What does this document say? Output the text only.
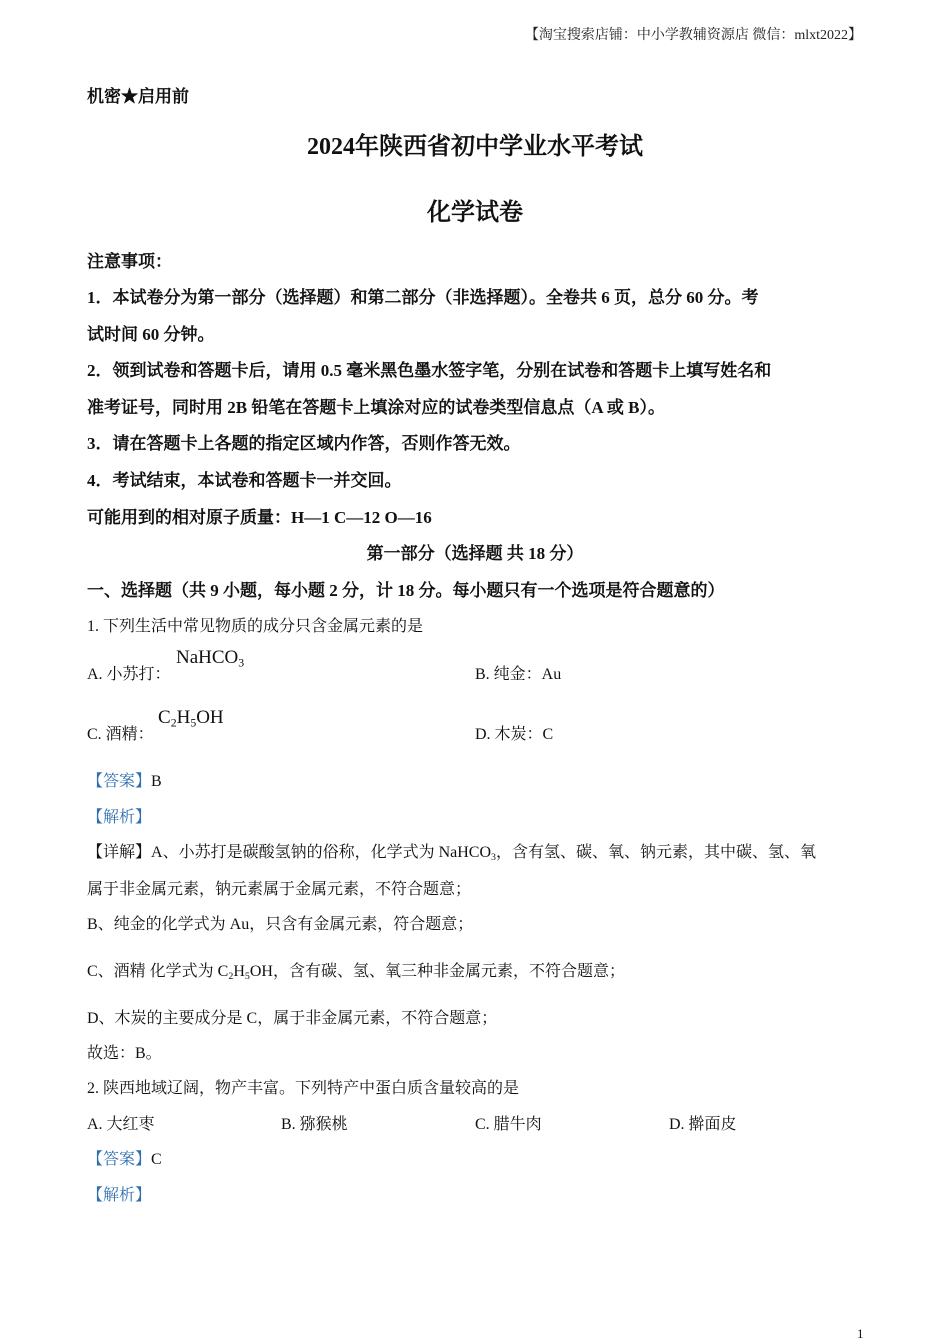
【淘宝搜索店铺：中小学教辅资源店 微信：mlxt2022】
机密★启用前
2024年陕西省初中学业水平考试
化学试卷
注意事项：
1．本试卷分为第一部分（选择题）和第二部分（非选择题）。全卷共 6 页，总分 60 分。考
试时间 60 分钟。
2．领到试卷和答题卡后，请用 0.5 毫米黑色墨水签字笔，分别在试卷和答题卡上填写姓名和
准考证号，同时用 2B 铅笔在答题卡上填涂对应的试卷类型信息点（A 或 B）。
3．请在答题卡上各题的指定区域内作答，否则作答无效。
4．考试结束，本试卷和答题卡一并交回。
可能用到的相对原子质量：H—1 C—12 O—16
第一部分（选择题 共 18 分）
一、选择题（共 9 小题，每小题 2 分，计 18 分。每小题只有一个选项是符合题意的）
1. 下列生活中常见物质的成分只含金属元素的是
A. 小苏打：
NaHCO$_3$
B. 纯金：Au
C. 酒精：
$C_2H_5OH$
D. 木炭：C
【答案】B
【解析】
【详解】A、小苏打是碳酸氢钠的俗称，化学式为 NaHCO$_3$，含有氢、碳、氧、钠元素，其中碳、氢、氧
属于非金属元素，钠元素属于金属元素，不符合题意；
B、纯金的化学式为 Au，只含有金属元素，符合题意；
C、酒精 化学式为 $C_2H_5OH$，含有碳、氢、氧三种非金属元素，不符合题意；
D、木炭的主要成分是 C，属于非金属元素，不符合题意；
故选：B。
2. 陕西地域辽阔，物产丰富。下列特产中蛋白质含量较高的是
A. 大红枣	B. 猕猴桃	C. 腊牛肉	D. 擀面皮
【答案】C
【解析】
1
